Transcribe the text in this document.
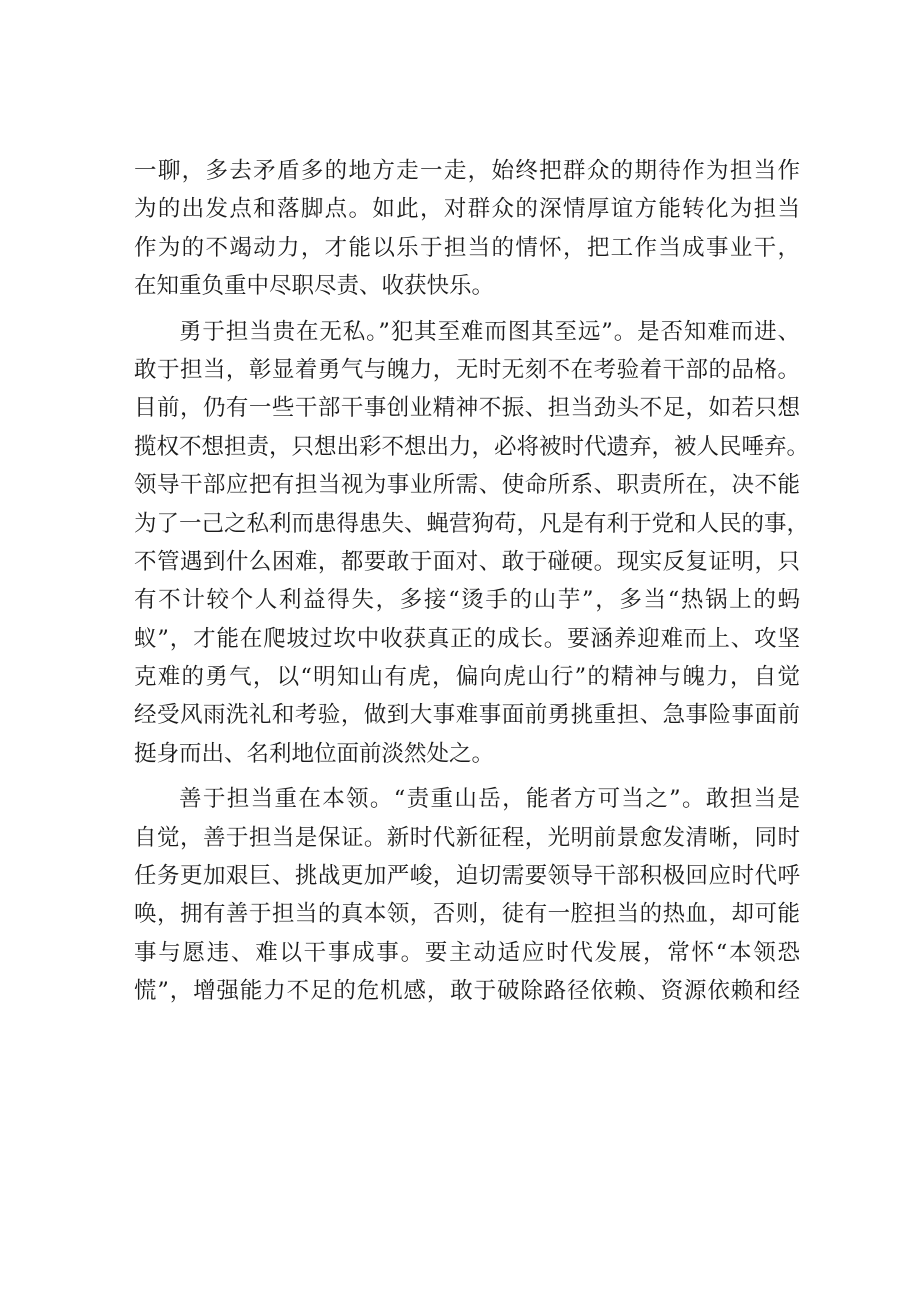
一聊，多去矛盾多的地方走一走，始终把群众的期待作为担当作
为的出发点和落脚点。如此，对群众的深情厚谊方能转化为担当
作为的不竭动力，才能以乐于担当的情怀，把工作当成事业干，
在知重负重中尽职尽责、收获快乐。

勇于担当贵在无私。”犯其至难而图其至远”。是否知难而进、
敢于担当，彰显着勇气与魄力，无时无刻不在考验着干部的品格。
目前，仍有一些干部干事创业精神不振、担当劲头不足，如若只想
揽权不想担责，只想出彩不想出力，必将被时代遗弃，被人民唾弃。
领导干部应把有担当视为事业所需、使命所系、职责所在，决不能
为了一己之私利而患得患失、蝇营狗苟，凡是有利于党和人民的事，
不管遇到什么困难，都要敢于面对、敢于碰硬。现实反复证明，只
有不计较个人利益得失，多接“烫手的山芋”，多当“热锅上的蚂
蚁”，才能在爬坡过坎中收获真正的成长。要涵养迎难而上、攻坚
克难的勇气，以“明知山有虎，偏向虎山行”的精神与魄力，自觉
经受风雨洗礼和考验，做到大事难事面前勇挑重担、急事险事面前
挺身而出、名利地位面前淡然处之。

善于担当重在本领。“责重山岳，能者方可当之”。敢担当是
自觉，善于担当是保证。新时代新征程，光明前景愈发清晰，同时
任务更加艰巨、挑战更加严峻，迫切需要领导干部积极回应时代呼
唤，拥有善于担当的真本领，否则，徒有一腔担当的热血，却可能
事与愿违、难以干事成事。要主动适应时代发展，常怀“本领恐
慌”，增强能力不足的危机感，敢于破除路径依赖、资源依赖和经
